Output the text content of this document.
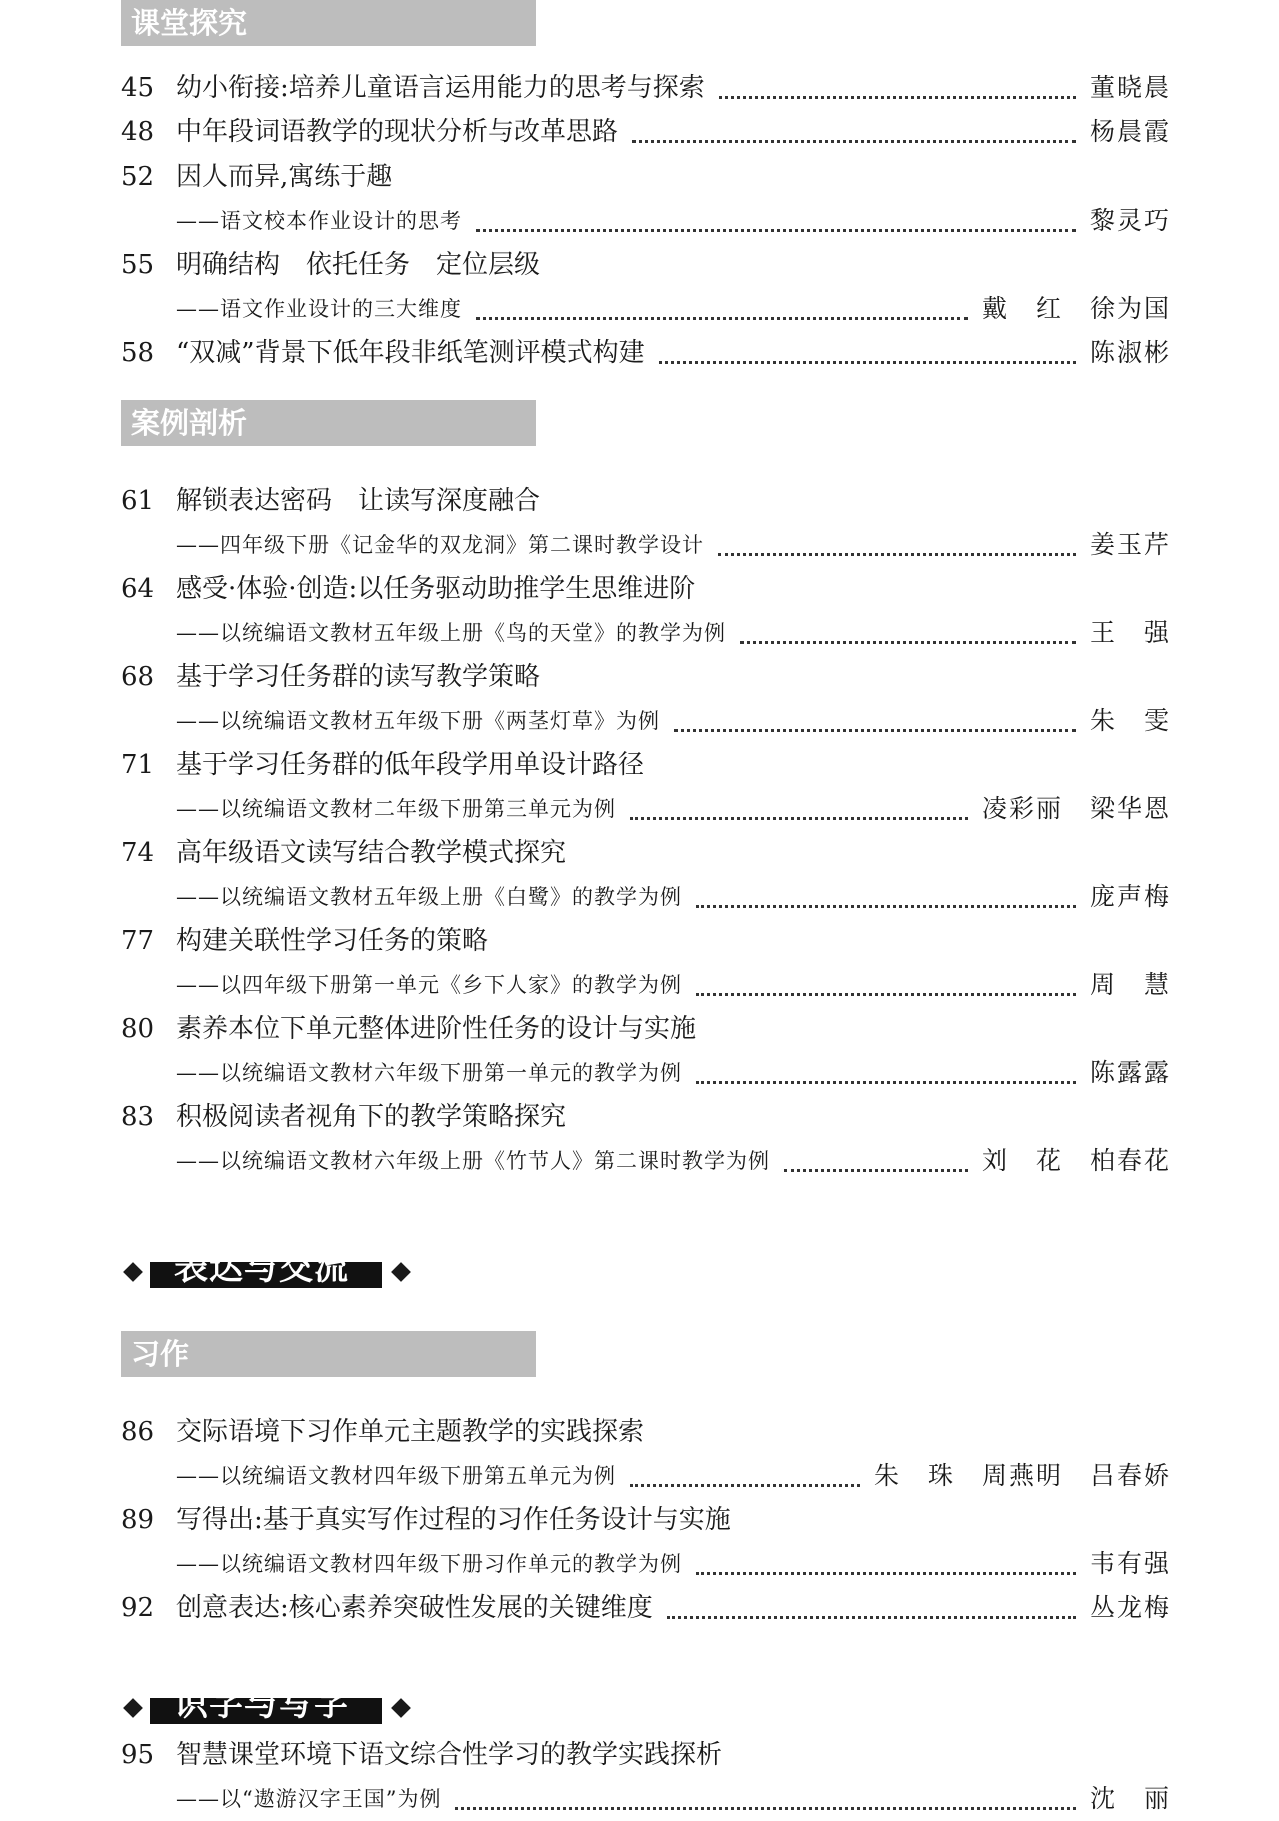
课堂探究
案例剖析
表达与交流
习作
识字与写字
45 幼小衔接:培养儿童语言运用能力的思考与探索	董晓晨
48 中年段词语教学的现状分析与改革思路	杨晨霞
52 因人而异,寓练于趣
——语文校本作业设计的思考	黎灵巧
55 明确结构　依托任务　定位层级
——语文作业设计的三大维度	戴　红　徐为国
58 “双减”背景下低年段非纸笔测评模式构建	陈淑彬
61 解锁表达密码　让读写深度融合
——四年级下册《记金华的双龙洞》第二课时教学设计	姜玉芹
64 感受·体验·创造:以任务驱动助推学生思维进阶
——以统编语文教材五年级上册《鸟的天堂》的教学为例	王　强
68 基于学习任务群的读写教学策略
——以统编语文教材五年级下册《两茎灯草》为例	朱　雯
71 基于学习任务群的低年段学用单设计路径
——以统编语文教材二年级下册第三单元为例	凌彩丽　梁华恩
74 高年级语文读写结合教学模式探究
——以统编语文教材五年级上册《白鹭》的教学为例	庞声梅
77 构建关联性学习任务的策略
——以四年级下册第一单元《乡下人家》的教学为例	周　慧
80 素养本位下单元整体进阶性任务的设计与实施
——以统编语文教材六年级下册第一单元的教学为例	陈露露
83 积极阅读者视角下的教学策略探究
——以统编语文教材六年级上册《竹节人》第二课时教学为例	刘　花　柏春花
86 交际语境下习作单元主题教学的实践探索
——以统编语文教材四年级下册第五单元为例	朱　珠　周燕明　吕春娇
89 写得出:基于真实写作过程的习作任务设计与实施
——以统编语文教材四年级下册习作单元的教学为例	韦有强
92 创意表达:核心素养突破性发展的关键维度	丛龙梅
95 智慧课堂环境下语文综合性学习的教学实践探析
——以“遨游汉字王国”为例	沈　丽
